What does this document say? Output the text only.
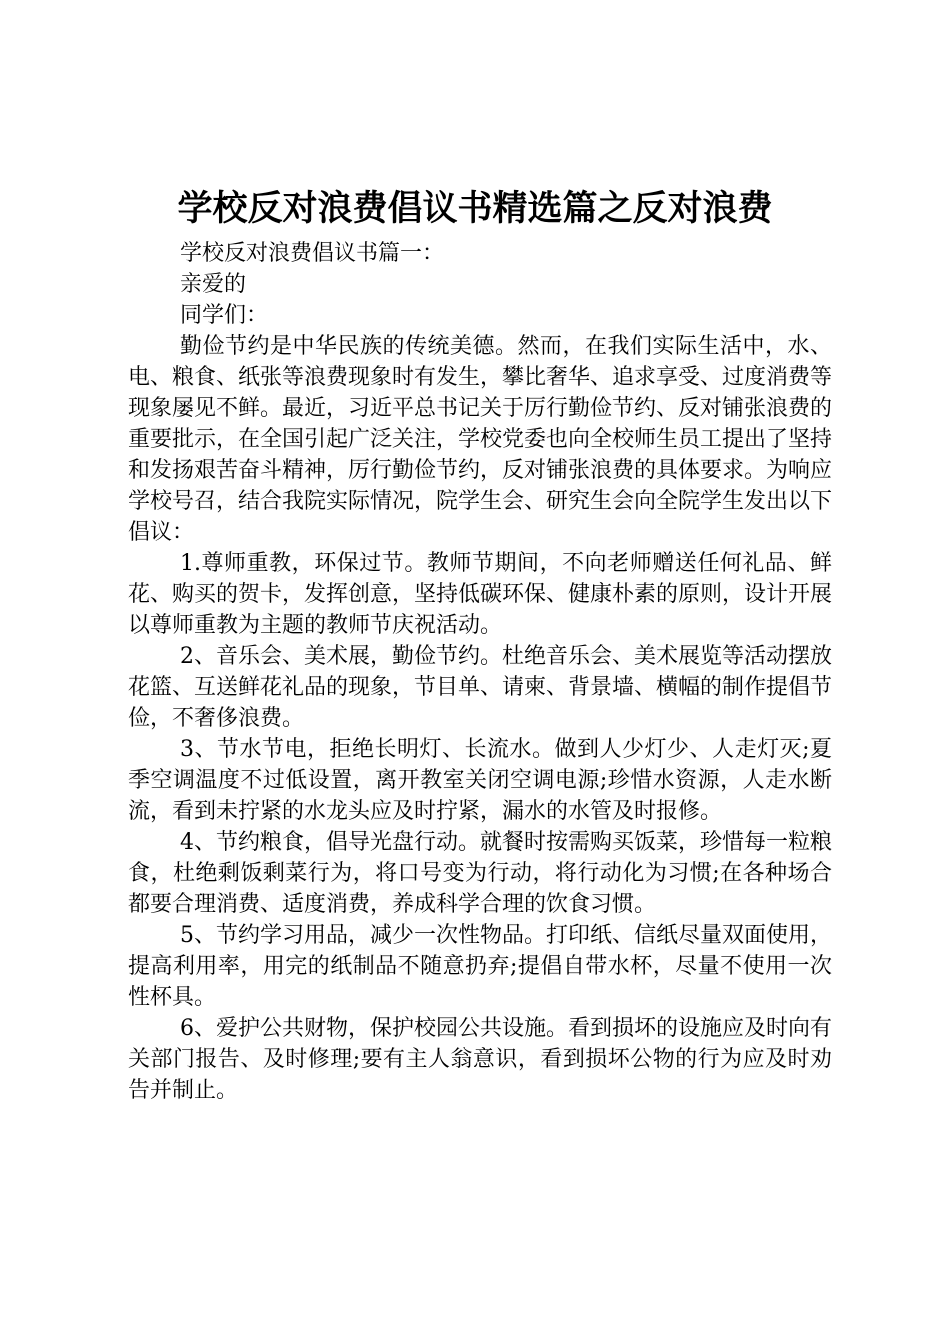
学校反对浪费倡议书精选篇之反对浪费

学校反对浪费倡议书篇一：

亲爱的

同学们：

勤俭节约是中华民族的传统美德。然而，在我们实际生活中，水、电、粮食、纸张等浪费现象时有发生，攀比奢华、追求享受、过度消费等现象屡见不鲜。最近，习近平总书记关于厉行勤俭节约、反对铺张浪费的重要批示，在全国引起广泛关注，学校党委也向全校师生员工提出了坚持和发扬艰苦奋斗精神，厉行勤俭节约，反对铺张浪费的具体要求。为响应学校号召，结合我院实际情况，院学生会、研究生会向全院学生发出以下倡议：

1.尊师重教，环保过节。教师节期间，不向老师赠送任何礼品、鲜花、购买的贺卡，发挥创意，坚持低碳环保、健康朴素的原则，设计开展以尊师重教为主题的教师节庆祝活动。

2、音乐会、美术展，勤俭节约。杜绝音乐会、美术展览等活动摆放花篮、互送鲜花礼品的现象，节目单、请柬、背景墙、横幅的制作提倡节俭，不奢侈浪费。

3、节水节电，拒绝长明灯、长流水。做到人少灯少、人走灯灭;夏季空调温度不过低设置，离开教室关闭空调电源;珍惜水资源，人走水断流，看到未拧紧的水龙头应及时拧紧，漏水的水管及时报修。

4、节约粮食，倡导光盘行动。就餐时按需购买饭菜，珍惜每一粒粮食，杜绝剩饭剩菜行为，将口号变为行动，将行动化为习惯;在各种场合都要合理消费、适度消费，养成科学合理的饮食习惯。

5、节约学习用品，减少一次性物品。打印纸、信纸尽量双面使用，提高利用率，用完的纸制品不随意扔弃;提倡自带水杯，尽量不使用一次性杯具。

6、爱护公共财物，保护校园公共设施。看到损坏的设施应及时向有关部门报告、及时修理;要有主人翁意识，看到损坏公物的行为应及时劝告并制止。
